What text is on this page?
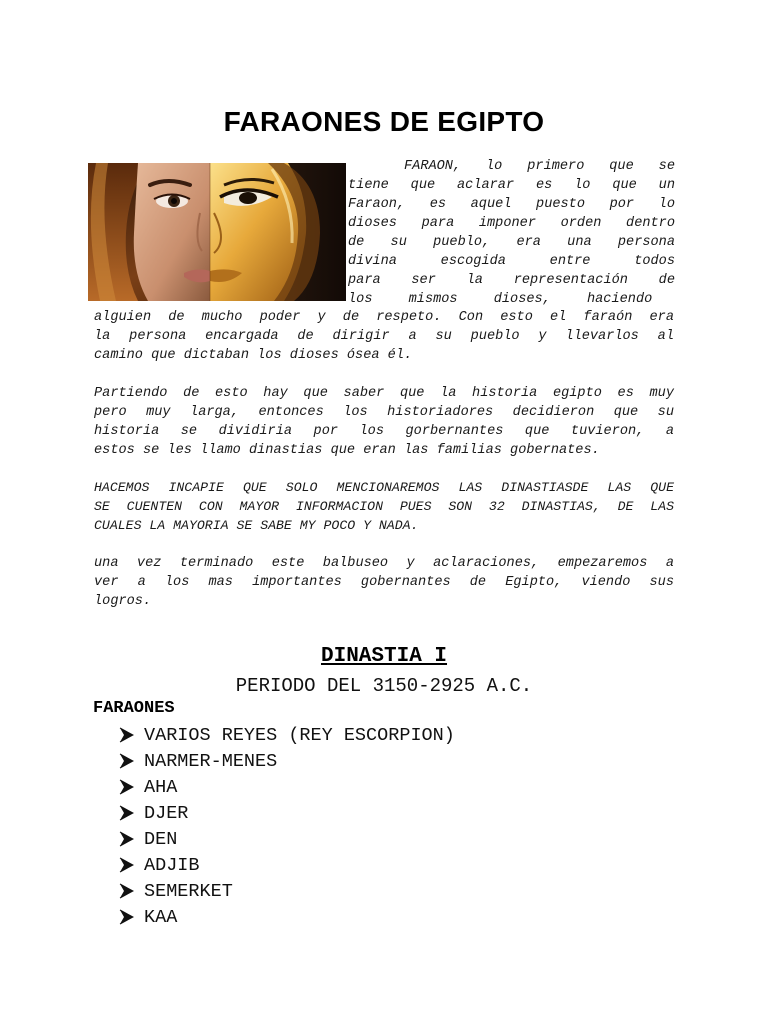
FARAONES DE EGIPTO
FARAON, lo primero que se
tiene que aclarar es lo que un
Faraon, es aquel puesto por lo
dioses para imponer orden dentro
de su pueblo, era una persona
divina escogida entre todos
para ser la representación de
los mismos dioses, haciendo
alguien de mucho poder y de respeto. Con esto el faraón era
la persona encargada de dirigir a su pueblo y llevarlos al
camino que dictaban los dioses ósea él.
Partiendo de esto hay que saber que la historia egipto es muy
pero muy larga, entonces los historiadores decidieron que su
historia se dividiria por los gorbernantes que tuvieron, a
estos se les llamo dinastias que eran las familias gobernates.
HACEMOS INCAPIE QUE SOLO MENCIONAREMOS LAS DINASTIASDE LAS QUE
SE CUENTEN CON MAYOR INFORMACION PUES SON 32 DINASTIAS, DE LAS
CUALES LA MAYORIA SE SABE MY POCO Y NADA.
una vez terminado este balbuseo y aclaraciones, empezaremos a
ver a los mas importantes gobernantes de Egipto, viendo sus
logros.
DINASTIA I

PERIODO DEL 3150-2925 A.C.

FARAONES

VARIOS REYES (REY ESCORPION)
NARMER-MENES
AHA
DJER
DEN
ADJIB
SEMERKET
KAA
